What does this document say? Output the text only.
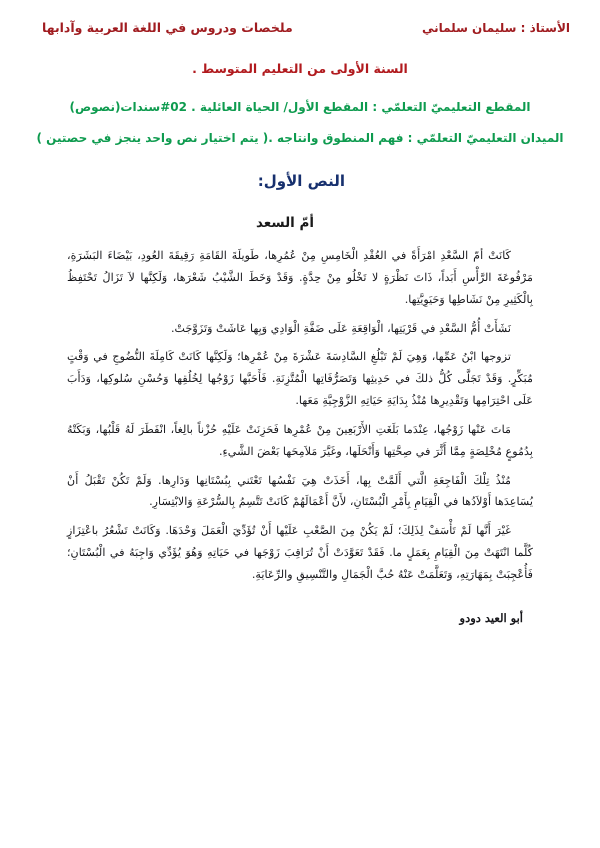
ملخصات ودروس في اللغة العربية وآدابها	الأستاذ : سليمان سلماني
السنة الأولى من التعليم المتوسط .
المقطع التعليميّ التعلمّي : المقطع الأول/ الحياة العائلية . 02#سندات(نصوص)
الميدان التعليميّ التعلمّي : فهم المنطوق وانتاجه .( يتم اختيار نص واحد ينجز في حصتين )
النص الأول:
أمّ السعد

كَانَتْ أمّ السَّعْدِ امْرَأَةً في العُقْدِ الْخَامِسِ مِنْ عُمُرِها، طَويلَةَ القَامَةِ رَقِيقَةَ العُودِ، بَيْضَاءَ البَشَرَةِ، مَرْفُوعَةَ الرَّأْسِ أَبَداً، ذَاتَ نَظْرَةٍ لا تَخْلُو مِنْ حِدَّةٍ. وَقَدْ وَخَطَ الشَّيْبُ شَعْرَها، وَلَكِنَّها لاَ تَزَالُ تَحْتَفِظُ بِالْكَثِيرِ مِنْ نَشَاطِها وَحَيَوِيَّتِها.

نَشَأَتْ أُمُّ السَّعْدِ في قَرْيَتِها، الْوَاقِعَةِ عَلَى ضَفَّةِ الْوَادِي وَبِها عَاشَتْ وَتَزَوَّجَتْ.

تزوجها ابْنُ عَمِّها، وَهِيَ لَمْ تَبْلُغِ السَّادِسَةَ عَشْرَةَ مِنْ عُمْرِها؛ وَلَكِنَّها كَانَتْ كَامِلَةَ النُّضُوجِ في وَقْتٍ مُبَكِّرٍ. وَقَدْ تَجَلَّى كُلُّ ذلكَ في حَدِيثِها وَتَصَرُّفَاتِها الْمُتَّزِنَةِ. فَأَحَبَّها زَوْجُها لِخُلُقِها وَحُسْنِ سُلوكِها، وَدَأَبَ عَلَى احْتِرَامِها وَتَقْدِيرِها مُنْذُ بِدَايَةِ حَيَاتِهِ الزَّوْجِيَّةِ مَعَها.

مَاتَ عَنْها زَوْجُها، عِنْدَما بَلَغَتِ الأَرْبَعِينَ مِنْ عُمْرِها فَحَزِنَتْ عَلَيْهِ حُزْناً بالِغاً، انْفَطَرَ لَهُ قَلْبُها، وَبَكَتْهُ بِدُمُوعٍ مُخْلِصَةٍ مِمَّا أَثَّرَ في صِحَّتِها وَأَنْحَلَها، وغَيَّرَ مَلاَمِحَها بَعْضَ الشَّيءِ.

مُنْذُ تِلْكَ الْفَاجِعَةِ الَّتي أَلَمَّتْ بِها، أَخَذَتْ هِيَ نَفْسُها تَعْتَني بِبُسْتَانِها وَدَارِها. وَلَمْ تَكُنْ تَقْبَلُ أَنْ يُسَاعِدَها أَوْلاَدُها في الْقِيَامِ بِأَمْرِ الْبُسْتَانِ، لأَنَّ أَعْمَالَهُمْ كَانَتْ تَتَّسِمُ بِالسُّرْعَةِ وَالابْتِسَارِ.

غَيْرَ أَنَّها لَمْ تَأْسَفْ لِذَلِكَ؛ لَمْ يَكُنْ مِنَ الصَّعْبِ عَلَيْها أَنْ تُؤَدِّيَ الْعَمَلَ وَحْدَهَا. وَكَانَتْ تَشْعُرُ باعْتِزَازٍ كُلَّما انْتَهَتْ مِنَ الْقِيَامِ بِعَمَلٍ ما. فَقَدْ تَعَوَّدَتْ أَنْ تُرَاقِبَ زَوْجَها في حَيَاتِهِ وَهُوَ يُؤَدِّي وَاجِبَهُ في الْبُسْتَانِ؛ فَأُعْجِبَتْ بِمَهَارَتِهِ، وَتَعَلَّمَتْ عَنْهُ حُبَّ الْجَمَالِ والتَّنْسِيقِ والرِّعَايَةِ.

أبو العيد دودو
